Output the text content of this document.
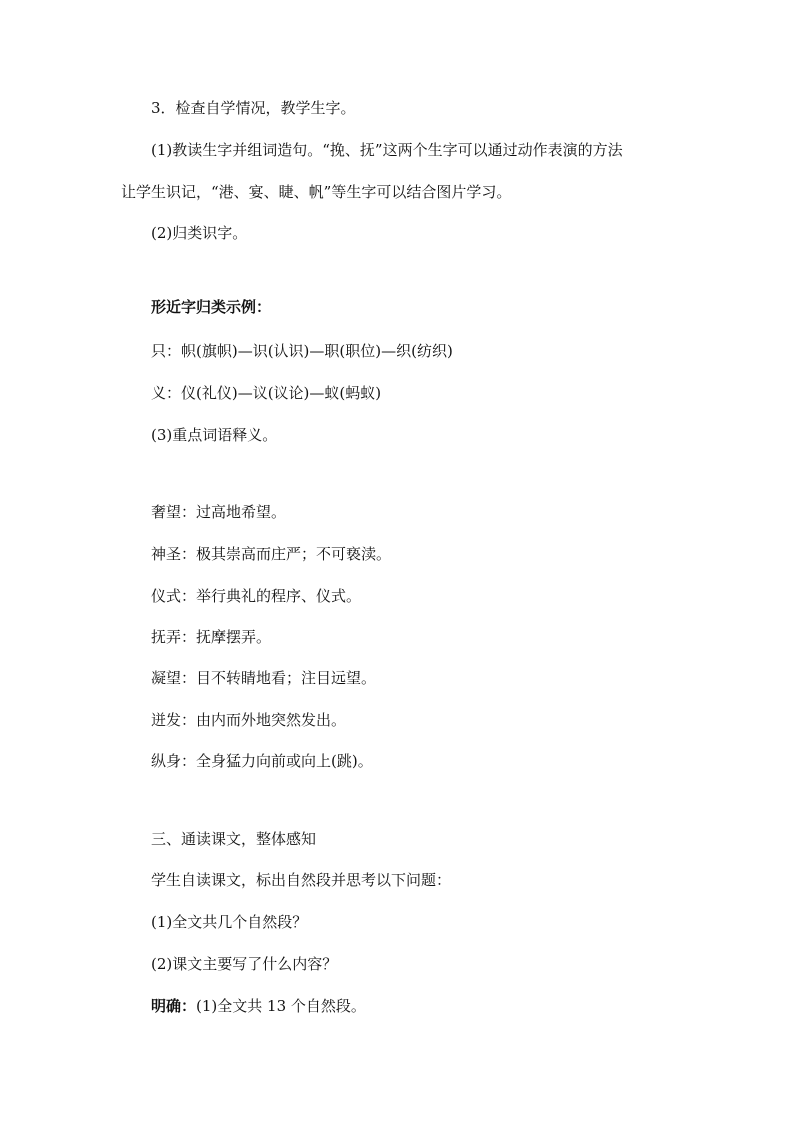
3．检查自学情况，教学生字。
(1)教读生字并组词造句。“挽、抚”这两个生字可以通过动作表演的方法
让学生识记，“港、宴、睫、帆”等生字可以结合图片学习。
(2)归类识字。
形近字归类示例：
只：帜(旗帜)—识(认识)—职(职位)—织(纺织)
义：仪(礼仪)—议(议论)—蚁(蚂蚁)
(3)重点词语释义。
奢望：过高地希望。
神圣：极其崇高而庄严；不可亵渎。
仪式：举行典礼的程序、仪式。
抚弄：抚摩摆弄。
凝望：目不转睛地看；注目远望。
迸发：由内而外地突然发出。
纵身：全身猛力向前或向上(跳)。
三、通读课文，整体感知
学生自读课文，标出自然段并思考以下问题：
(1)全文共几个自然段？
(2)课文主要写了什么内容？
明确：(1)全文共 13 个自然段。
